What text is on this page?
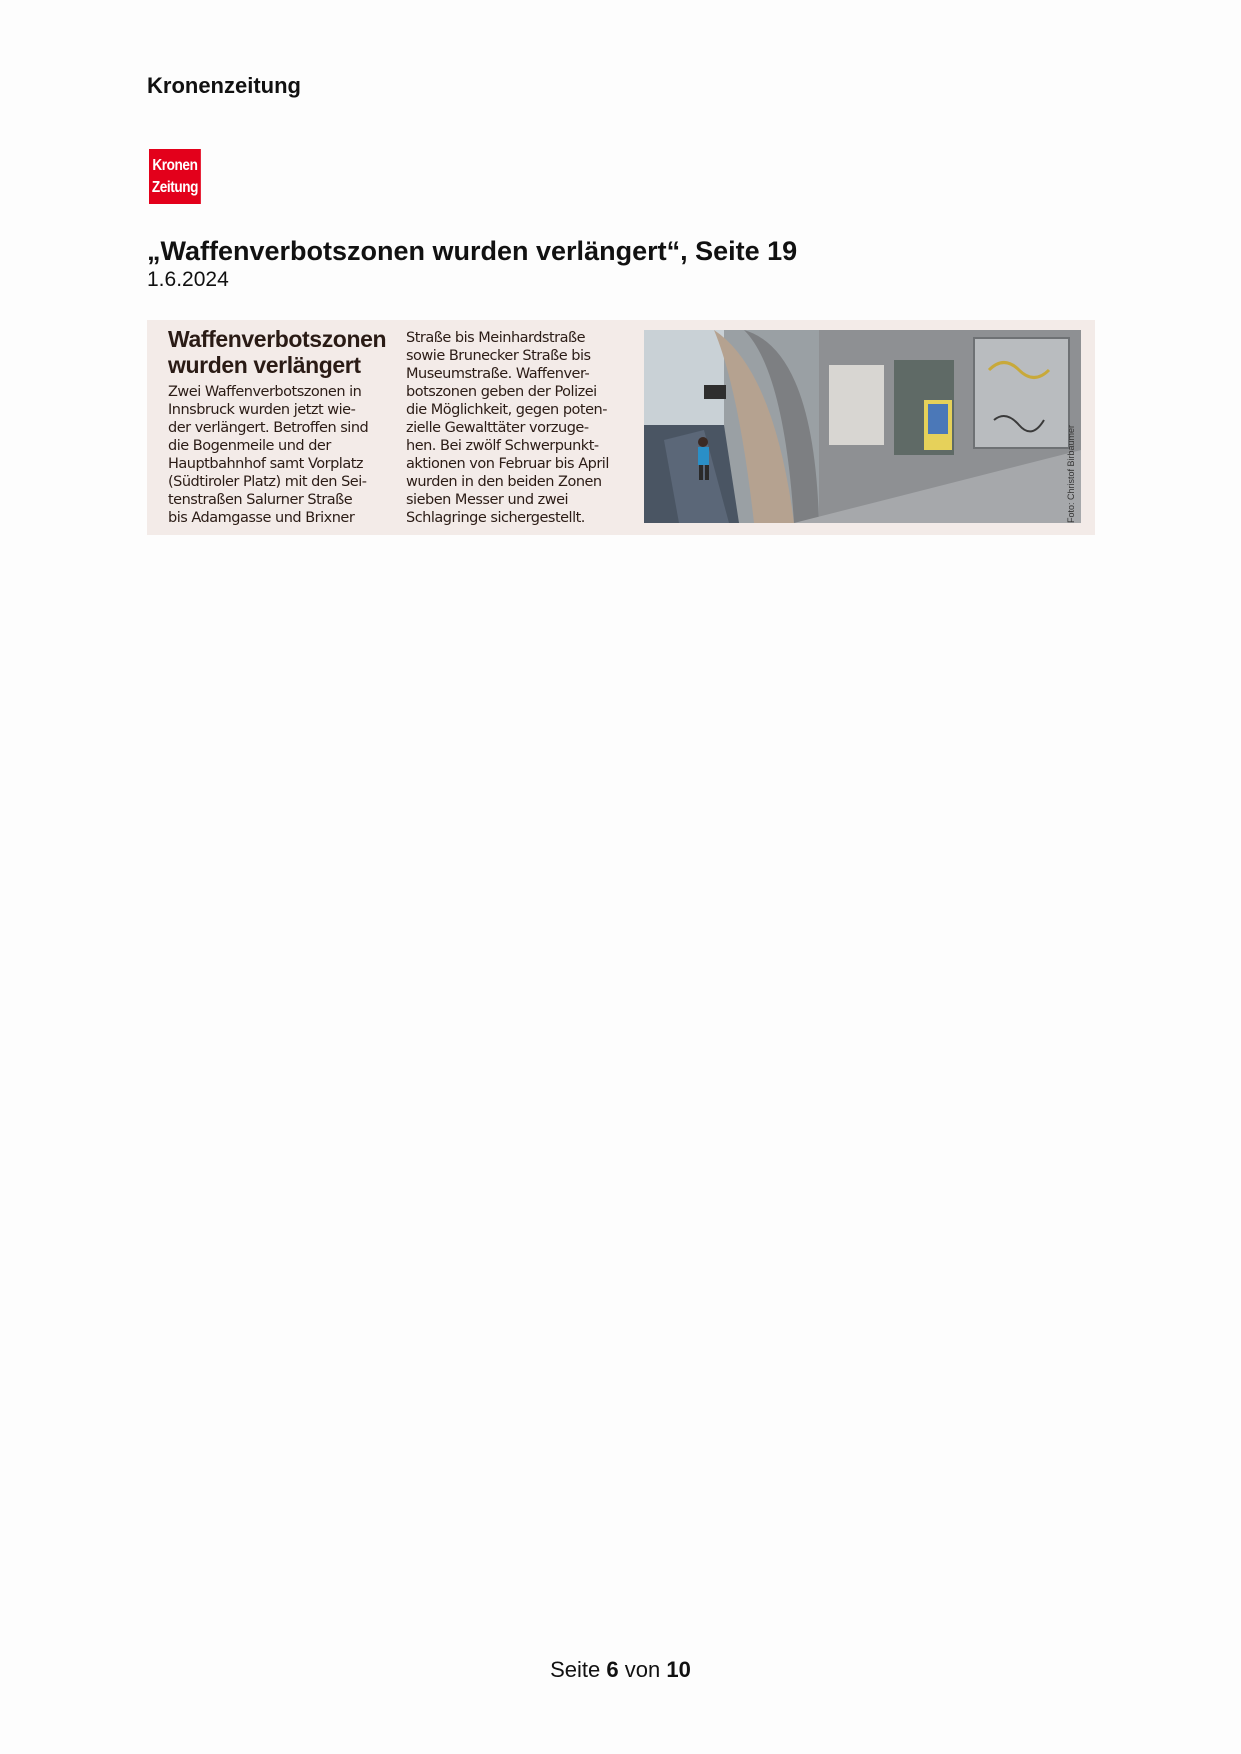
Kronenzeitung
Kronen
Zeitung
„Waffenverbotszonen wurden verlängert“, Seite 19
1.6.2024
Waffenverbotszonen
wurden verlängert
Zwei Waffenverbotszonen in
Innsbruck wurden jetzt wie-
der verlängert. Betroffen sind
die Bogenmeile und der
Hauptbahnhof samt Vorplatz
(Südtiroler Platz) mit den Sei-
tenstraßen Salurner Straße
bis Adamgasse und Brixner
Straße bis Meinhardstraße
sowie Brunecker Straße bis
Museumstraße. Waffenver-
botszonen geben der Polizei
die Möglichkeit, gegen poten-
zielle Gewalttäter vorzuge-
hen. Bei zwölf Schwerpunkt-
aktionen von Februar bis April
wurden in den beiden Zonen
sieben Messer und zwei
Schlagringe sichergestellt.	Foto: Christof Birbaumer
Seite 6 von 10
